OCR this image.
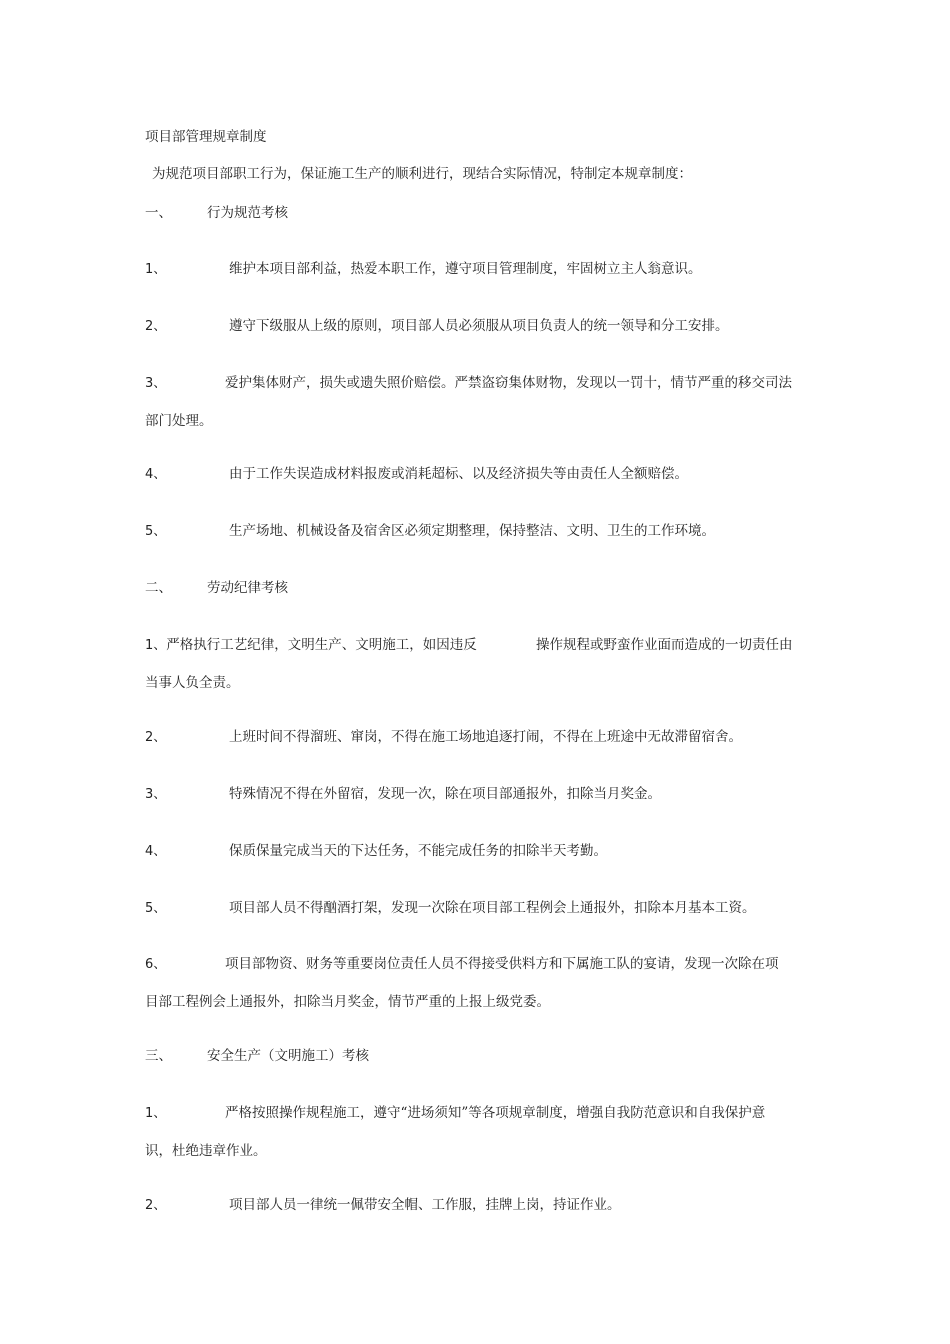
项目部管理规章制度
为规范项目部职工行为，保证施工生产的顺利进行，现结合实际情况，特制定本规章制度：
一、	行为规范考核
1、	维护本项目部利益，热爱本职工作，遵守项目管理制度，牢固树立主人翁意识。
2、	遵守下级服从上级的原则，项目部人员必须服从项目负责人的统一领导和分工安排。
3、	爱护集体财产，损失或遗失照价赔偿。严禁盗窃集体财物，发现以一罚十，情节严重的移交司法
部门处理。
4、	由于工作失误造成材料报废或消耗超标、以及经济损失等由责任人全额赔偿。
5、	生产场地、机械设备及宿舍区必须定期整理，保持整洁、文明、卫生的工作环境。
二、	劳动纪律考核
1、严格执行工艺纪律，文明生产、文明施工，如因违反	操作规程或野蛮作业面而造成的一切责任由
当事人负全责。
2、	上班时间不得溜班、窜岗，不得在施工场地追逐打闹，不得在上班途中无故滞留宿舍。
3、	特殊情况不得在外留宿，发现一次，除在项目部通报外，扣除当月奖金。
4、	保质保量完成当天的下达任务，不能完成任务的扣除半天考勤。
5、	项目部人员不得酗酒打架，发现一次除在项目部工程例会上通报外，扣除本月基本工资。
6、	项目部物资、财务等重要岗位责任人员不得接受供料方和下属施工队的宴请，发现一次除在项
目部工程例会上通报外，扣除当月奖金，情节严重的上报上级党委。
三、	安全生产（文明施工）考核
1、	严格按照操作规程施工，遵守“进场须知”等各项规章制度，增强自我防范意识和自我保护意
识，杜绝违章作业。
2、	项目部人员一律统一佩带安全帽、工作服，挂牌上岗，持证作业。
